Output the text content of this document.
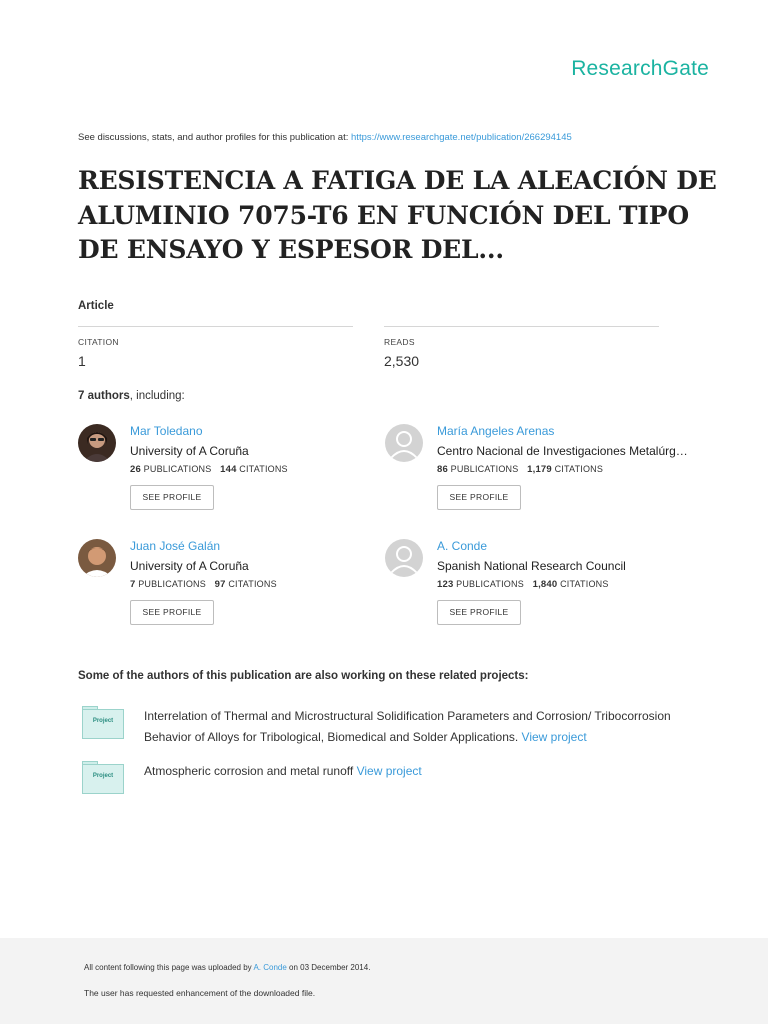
ResearchGate
See discussions, stats, and author profiles for this publication at: https://www.researchgate.net/publication/266294145
RESISTENCIA A FATIGA DE LA ALEACIÓN DE ALUMINIO 7075-T6 EN FUNCIÓN DEL TIPO DE ENSAYO Y ESPESOR DEL...
Article
CITATION
1
READS
2,530
7 authors, including:
Mar Toledano
University of A Coruña
26 PUBLICATIONS 144 CITATIONS
SEE PROFILE
María Angeles Arenas
Centro Nacional de Investigaciones Metalúrg…
86 PUBLICATIONS 1,179 CITATIONS
SEE PROFILE
Juan José Galán
University of A Coruña
7 PUBLICATIONS 97 CITATIONS
SEE PROFILE
A. Conde
Spanish National Research Council
123 PUBLICATIONS 1,840 CITATIONS
SEE PROFILE
Some of the authors of this publication are also working on these related projects:
Project	Interrelation of Thermal and Microstructural Solidification Parameters and Corrosion/ Tribocorrosion Behavior of Alloys for Tribological, Biomedical and Solder Applications. View project
Project	Atmospheric corrosion and metal runoff View project
All content following this page was uploaded by A. Conde on 03 December 2014.
The user has requested enhancement of the downloaded file.
